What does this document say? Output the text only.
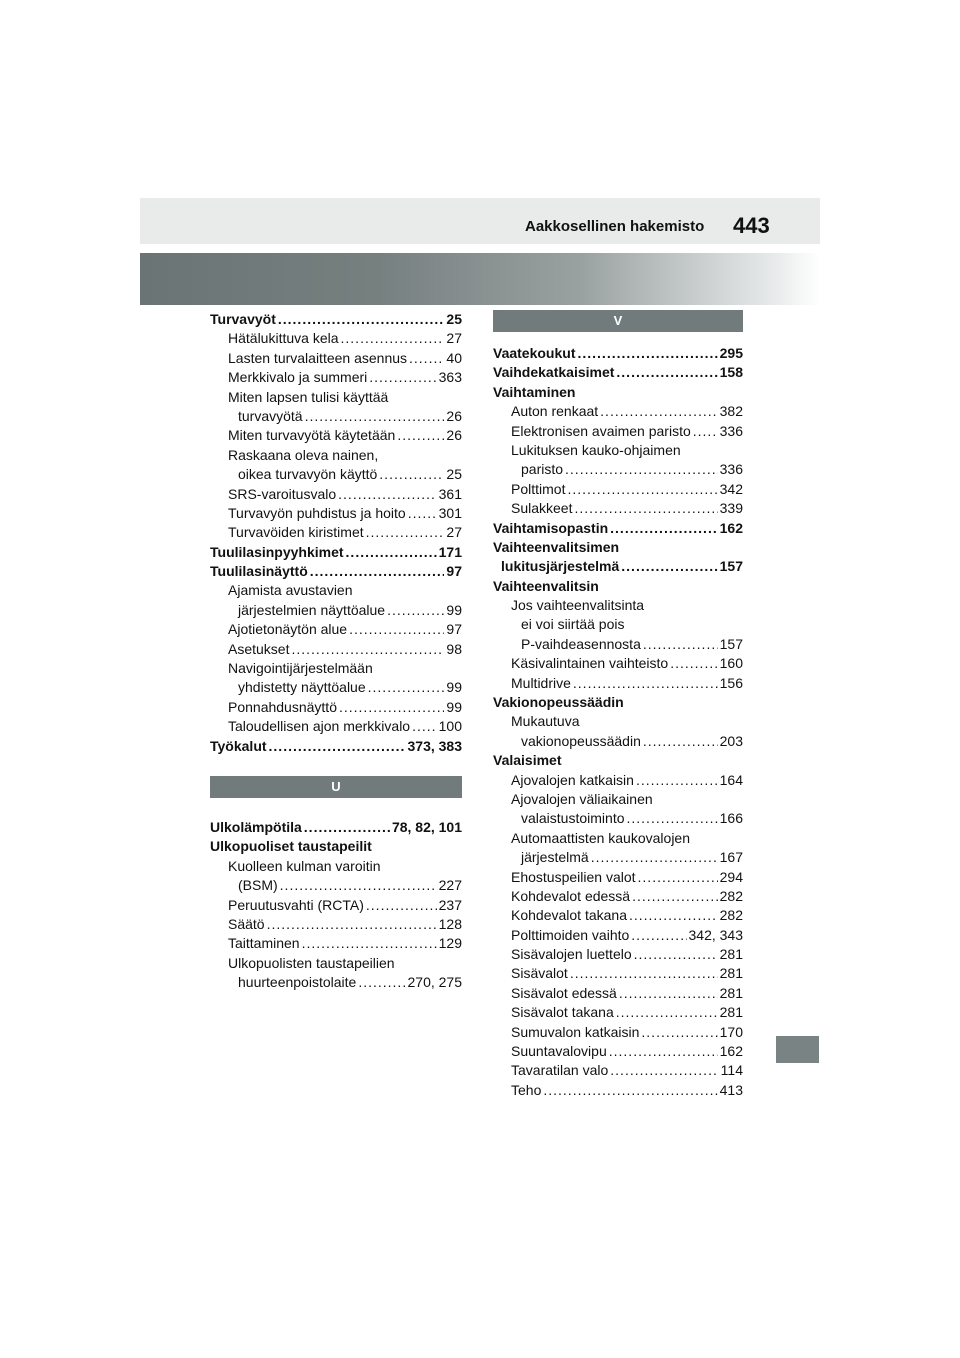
Aakkosellinen hakemisto 443
Turvavyöt .....	25
Hätälukittuva kela .....	27
Lasten turvalaitteen asennus .....	40
Merkkivalo ja summeri .....	363
Miten lapsen tulisi käyttää
turvavyötä .....	26
Miten turvavyötä käytetään .....	26
Raskaana oleva nainen,
oikea turvavyön käyttö .....	25
SRS-varoitusvalo .....	361
Turvavyön puhdistus ja hoito ..... 301
Turvavöiden kiristimet .....	27
Tuulilasinpyyhkimet .....	171
Tuulilasinäyttö .....	97
Ajamista avustavien
järjestelmien näyttöalue .....	99
Ajotietonäytön alue .....	97
Asetukset .....	98
Navigointijärjestelmään
yhdistetty näyttöalue .....	99
Ponnahdusnäyttö .....	99
Taloudellisen ajon merkkivalo ..... 100
Työkalut .....	373, 383
U
Ulkolämpötila .....	78, 82, 101
Ulkopuoliset taustapeilit
Kuolleen kulman varoitin
(BSM) .....	227
Peruutusvahti (RCTA) .....	237
Säätö .....	128
Taittaminen .....	129
Ulkopuolisten taustapeilien
huurteenpoistolaite .....	270, 275
V
Vaatekoukut .....	295
Vaihdekatkaisimet .....	158
Vaihtaminen
Auton renkaat .....	382
Elektronisen avaimen paristo ..... 336
Lukituksen kauko-ohjaimen
paristo .....	336
Polttimot .....	342
Sulakkeet .....	339
Vaihtamisopastin .....	162
Vaihteenvalitsimen
lukitusjärjestelmä .....	157
Vaihteenvalitsin
Jos vaihteenvalitsinta
ei voi siirtää pois
P-vaihdeasennosta .....	157
Käsivalintainen vaihteisto .....	160
Multidrive .....	156
Vakionopeussäädin
Mukautuva
vakionopeussäädin .....	203
Valaisimet
Ajovalojen katkaisin .....	164
Ajovalojen väliaikainen
valaistustoiminto .....	166
Automaattisten kaukovalojen
järjestelmä .....	167
Ehostuspeilien valot .....	294
Kohdevalot edessä .....	282
Kohdevalot takana .....	282
Polttimoiden vaihto .....	342, 343
Sisävalojen luettelo .....	281
Sisävalot .....	281
Sisävalot edessä .....	281
Sisävalot takana .....	281
Sumuvalon katkaisin .....	170
Suuntavalovipu .....	162
Tavaratilan valo .....	114
Teho .....	413
